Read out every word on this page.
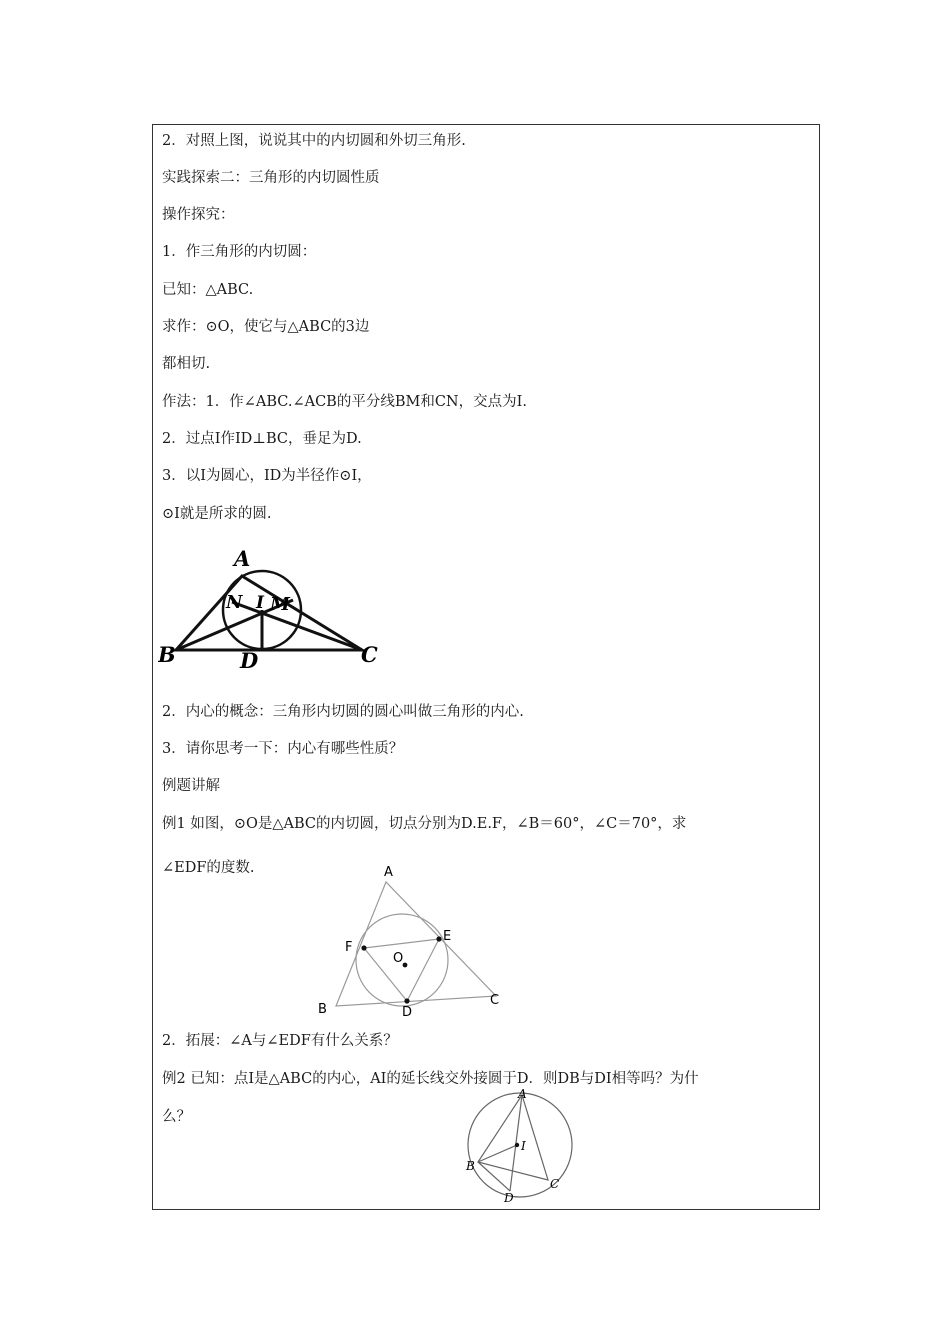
2．对照上图，说说其中的内切圆和外切三角形.
实践探索二：三角形的内切圆性质
操作探究：
1．作三角形的内切圆：
已知：△ABC.
求作：⊙O，使它与△ABC的3边
都相切.
作法：1．作∠ABC.∠ACB的平分线BM和CN，交点为I.
2．过点I作ID⊥BC，垂足为D.
3．以I为圆心，ID为半径作⊙I，
⊙I就是所求的圆.
A
B	C
D
N I M
2．内心的概念：三角形内切圆的圆心叫做三角形的内心.
3．请你思考一下：内心有哪些性质？
例题讲解
例1 如图，⊙O是△ABC的内切圆，切点分别为D.E.F，∠B＝60°，∠C＝70°，求
∠EDF的度数.	A
B
C
D
E
F
O
2．拓展：∠A与∠EDF有什么关系？
例2 已知：点I是△ABC的内心，AI的延长线交外接圆于D．则DB与DI相等吗？为什
么？
A
B
C
D
I
